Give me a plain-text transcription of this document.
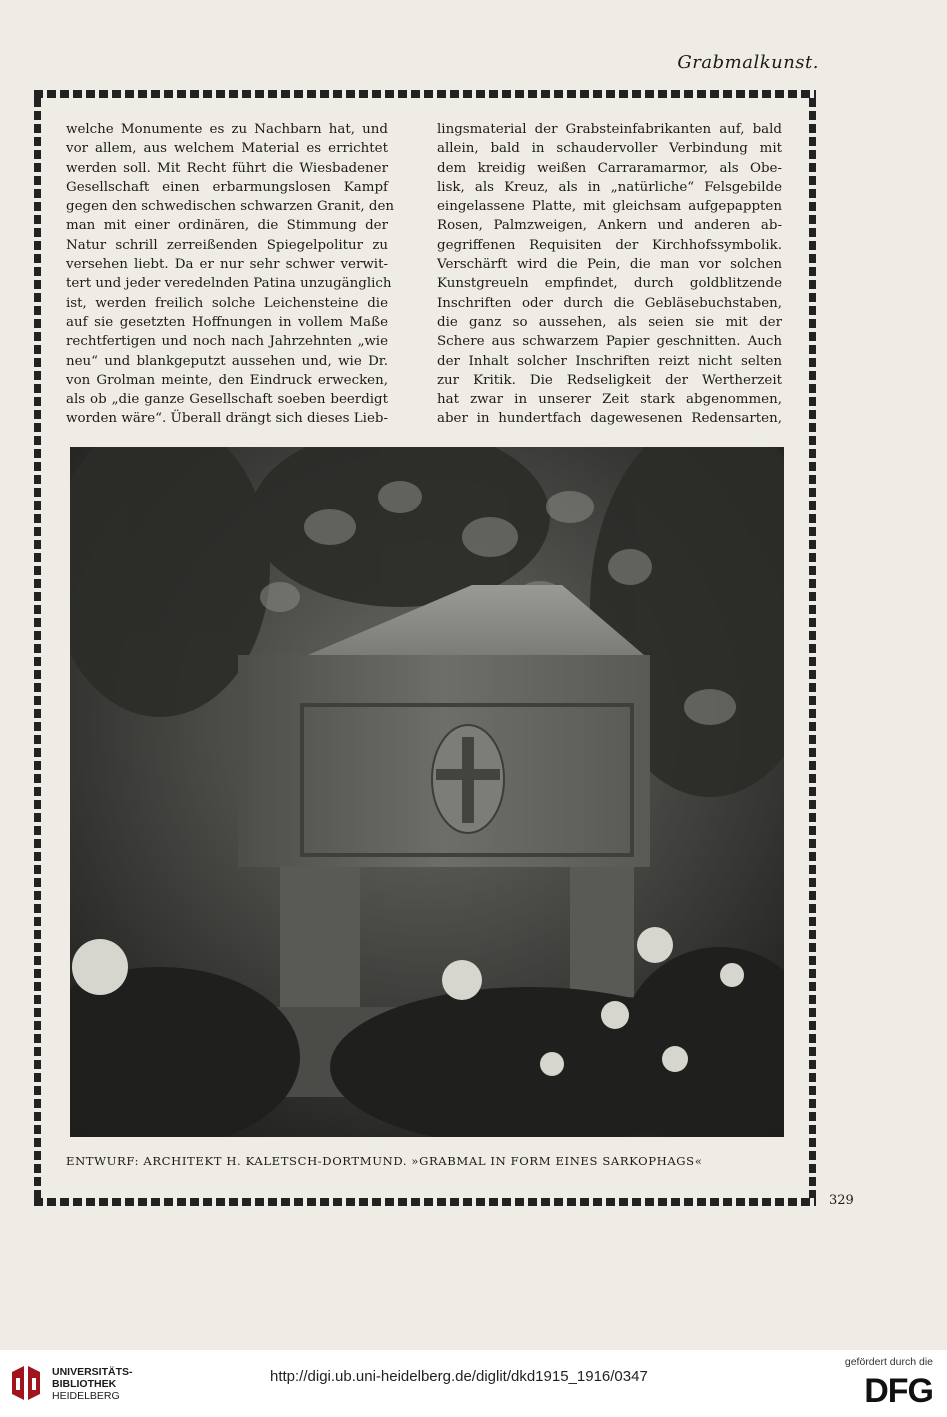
Grabmalkunst.
welche Monumente es zu Nachbarn hat, und
vor allem, aus welchem Material es errichtet
werden soll. Mit Recht führt die Wiesbadener
Gesellschaft einen erbarmungslosen Kampf
gegen den schwedischen schwarzen Granit, den
man mit einer ordinären, die Stimmung der
Natur schrill zerreißenden Spiegelpolitur zu
versehen liebt. Da er nur sehr schwer verwit-
tert und jeder veredelnden Patina unzugänglich
ist, werden freilich solche Leichensteine die
auf sie gesetzten Hoffnungen in vollem Maße
rechtfertigen und noch nach Jahrzehnten „wie
neu“ und blankgeputzt aussehen und, wie Dr.
von Grolman meinte, den Eindruck erwecken,
als ob „die ganze Gesellschaft soeben beerdigt
worden wäre“. Überall drängt sich dieses Lieb-
lingsmaterial der Grabsteinfabrikanten auf, bald
allein, bald in schaudervoller Verbindung mit
dem kreidig weißen Carraramarmor, als Obe-
lisk, als Kreuz, als in „natürliche“ Felsgebilde
eingelassene Platte, mit gleichsam aufgepappten
Rosen, Palmzweigen, Ankern und anderen ab-
gegriffenen Requisiten der Kirchhofssymbolik.
Verschärft wird die Pein, die man vor solchen
Kunstgreueln empfindet, durch goldblitzende
Inschriften oder durch die Gebläsebuchstaben,
die ganz so aussehen, als seien sie mit der
Schere aus schwarzem Papier geschnitten. Auch
der Inhalt solcher Inschriften reizt nicht selten
zur Kritik. Die Redseligkeit der Wertherzeit
hat zwar in unserer Zeit stark abgenommen,
aber in hundertfach dagewesenen Redensarten,
ENTWURF: ARCHITEKT H. KALETSCH-DORTMUND. »GRABMAL IN FORM EINES SARKOPHAGS«
329
UNIVERSITÄTS-
BIBLIOTHEK
HEIDELBERG
http://digi.ub.uni-heidelberg.de/diglit/dkd1915_1916/0347
gefördert durch die
DFG
